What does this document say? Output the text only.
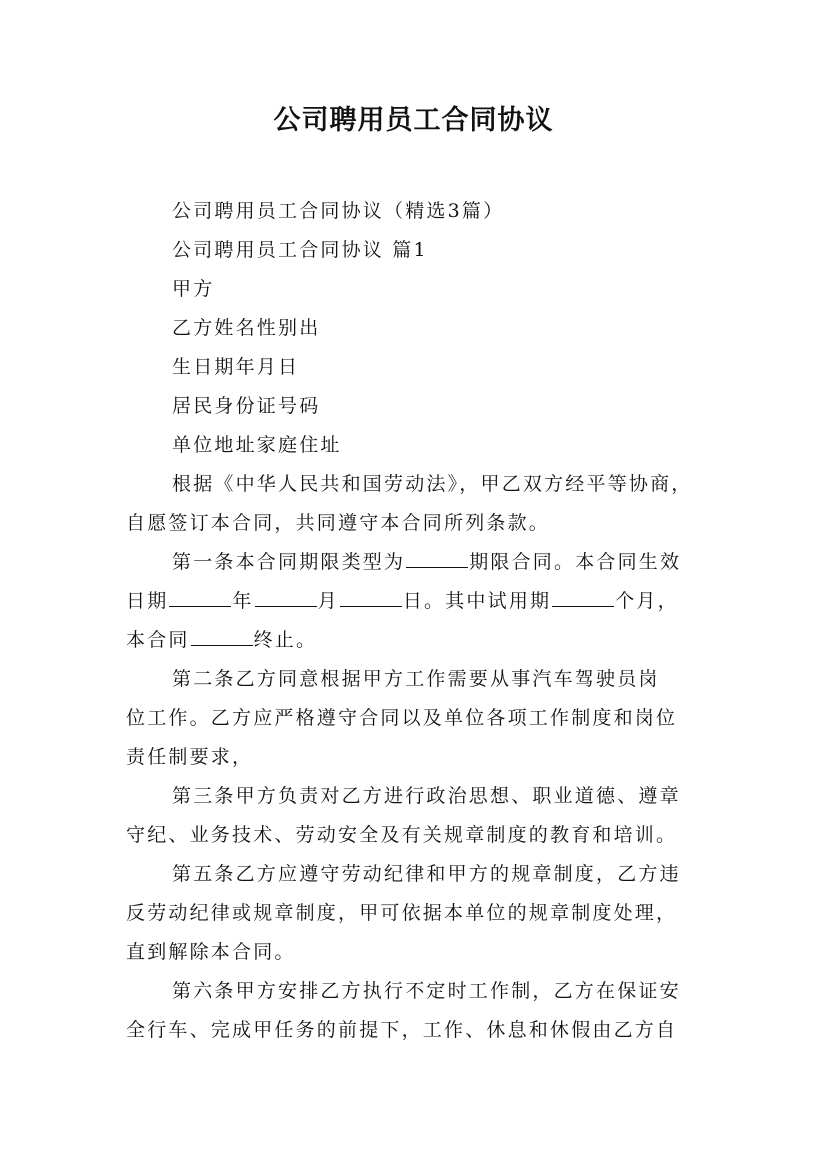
公司聘用员工合同协议

公司聘用员工合同协议（精选3篇）

公司聘用员工合同协议 篇1

甲方

乙方姓名性别出

生日期年月日

居民身份证号码

单位地址家庭住址

根据《中华人民共和国劳动法》，甲乙双方经平等协商，

自愿签订本合同，共同遵守本合同所列条款。

第一条本合同期限类型为	期限合同。本合同生效

日期	年	月	日。其中试用期	个月，

本合同	终止。

第二条乙方同意根据甲方工作需要从事汽车驾驶员岗

位工作。乙方应严格遵守合同以及单位各项工作制度和岗位

责任制要求，

第三条甲方负责对乙方进行政治思想、职业道德、遵章

守纪、业务技术、劳动安全及有关规章制度的教育和培训。

第五条乙方应遵守劳动纪律和甲方的规章制度，乙方违

反劳动纪律或规章制度，甲可依据本单位的规章制度处理，

直到解除本合同。

第六条甲方安排乙方执行不定时工作制，乙方在保证安

全行车、完成甲任务的前提下，工作、休息和休假由乙方自
